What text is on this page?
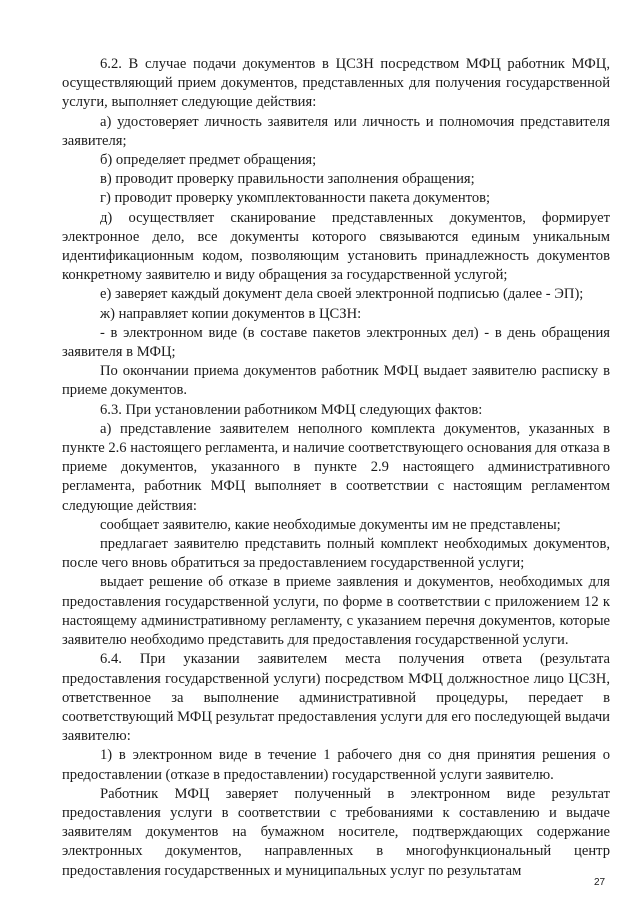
6.2. В случае подачи документов в ЦСЗН посредством МФЦ работник МФЦ, осуществляющий прием документов, представленных для получения государственной услуги, выполняет следующие действия:

а) удостоверяет личность заявителя или личность и полномочия представителя заявителя;

б) определяет предмет обращения;

в) проводит проверку правильности заполнения обращения;

г) проводит проверку укомплектованности пакета документов;

д) осуществляет сканирование представленных документов, формирует электронное дело, все документы которого связываются единым уникальным идентификационным кодом, позволяющим установить принадлежность документов конкретному заявителю и виду обращения за государственной услугой;

е) заверяет каждый документ дела своей электронной подписью (далее - ЭП);

ж) направляет копии документов в ЦСЗН:

- в электронном виде (в составе пакетов электронных дел) - в день обращения заявителя в МФЦ;

По окончании приема документов работник МФЦ выдает заявителю расписку в приеме документов.

6.3. При установлении работником МФЦ следующих фактов:

а) представление заявителем неполного комплекта документов, указанных в пункте 2.6 настоящего регламента, и наличие соответствующего основания для отказа в приеме документов, указанного в пункте 2.9 настоящего административного регламента, работник МФЦ выполняет в соответствии с настоящим регламентом следующие действия:

сообщает заявителю, какие необходимые документы им не представлены;

предлагает заявителю представить полный комплект необходимых документов, после чего вновь обратиться за предоставлением государственной услуги;

выдает решение об отказе в приеме заявления и документов, необходимых для предоставления государственной услуги, по форме в соответствии с приложением 12 к настоящему административному регламенту, с указанием перечня документов, которые заявителю необходимо представить для предоставления государственной услуги.

6.4. При указании заявителем места получения ответа (результата предоставления государственной услуги) посредством МФЦ должностное лицо ЦСЗН, ответственное за выполнение административной процедуры, передает в соответствующий МФЦ результат предоставления услуги для его последующей выдачи заявителю:

1) в электронном виде в течение 1 рабочего дня со дня принятия решения о предоставлении (отказе в предоставлении) государственной услуги заявителю.

Работник МФЦ заверяет полученный в электронном виде результат предоставления услуги в соответствии с требованиями к составлению и выдаче заявителям документов на бумажном носителе, подтверждающих содержание электронных документов, направленных в многофункциональный центр предоставления государственных и муниципальных услуг по результатам

27
